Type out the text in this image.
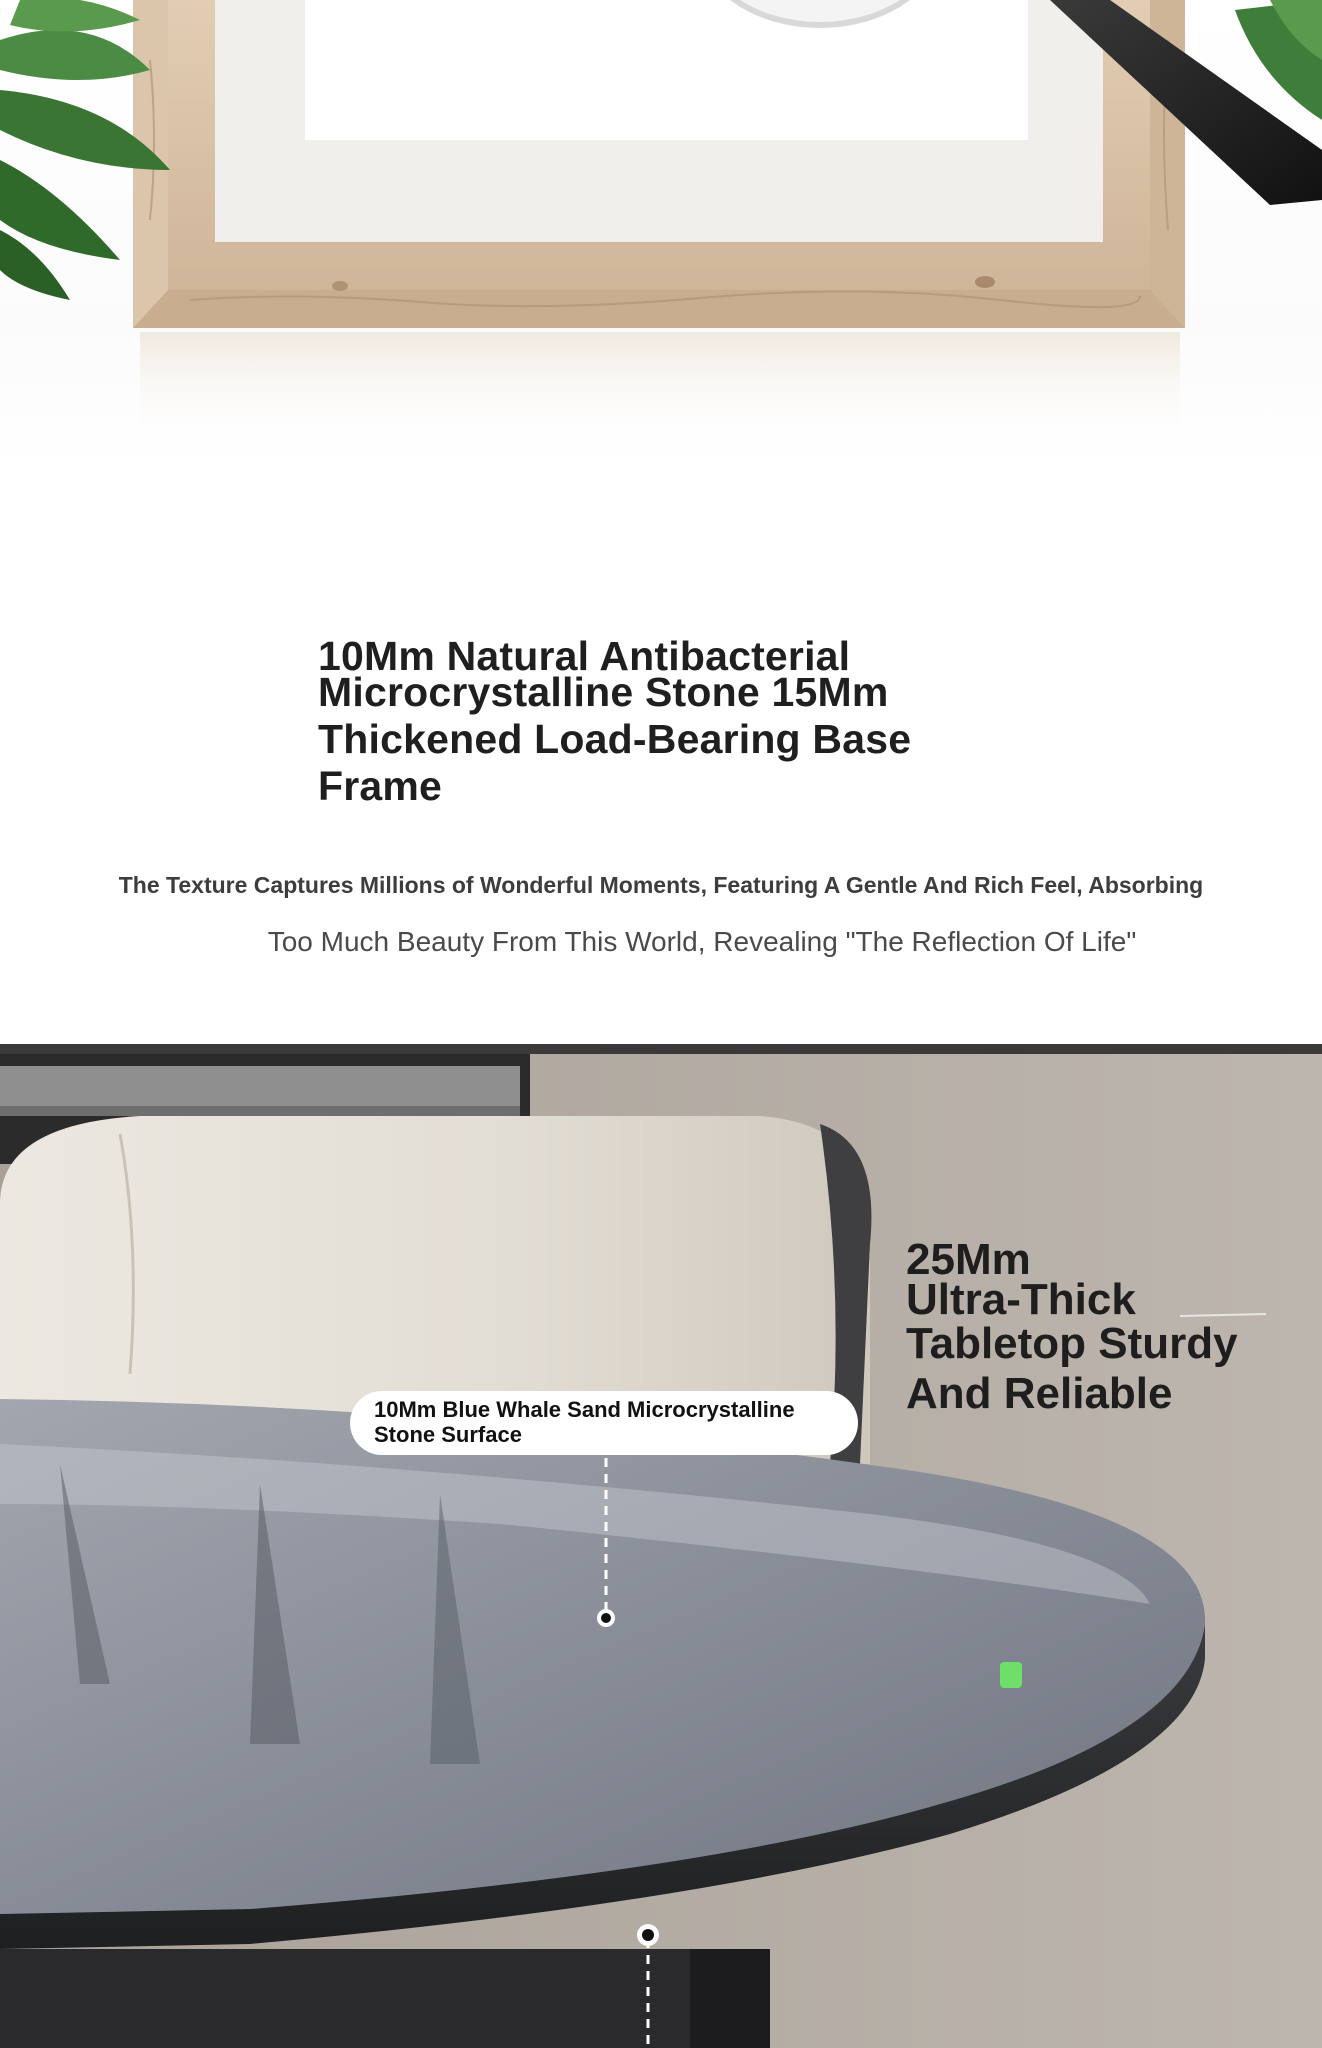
10Mm Natural Antibacterial
Microcrystalline Stone 15Mm
Thickened Load-Bearing Base
Frame
The Texture Captures Millions of Wonderful Moments, Featuring A Gentle And Rich Feel, Absorbing
Too Much Beauty From This World, Revealing "The Reflection Of Life"
25Mm
Ultra-Thick
Tabletop Sturdy
And Reliable
10Mm Blue Whale Sand Microcrystalline
Stone Surface
